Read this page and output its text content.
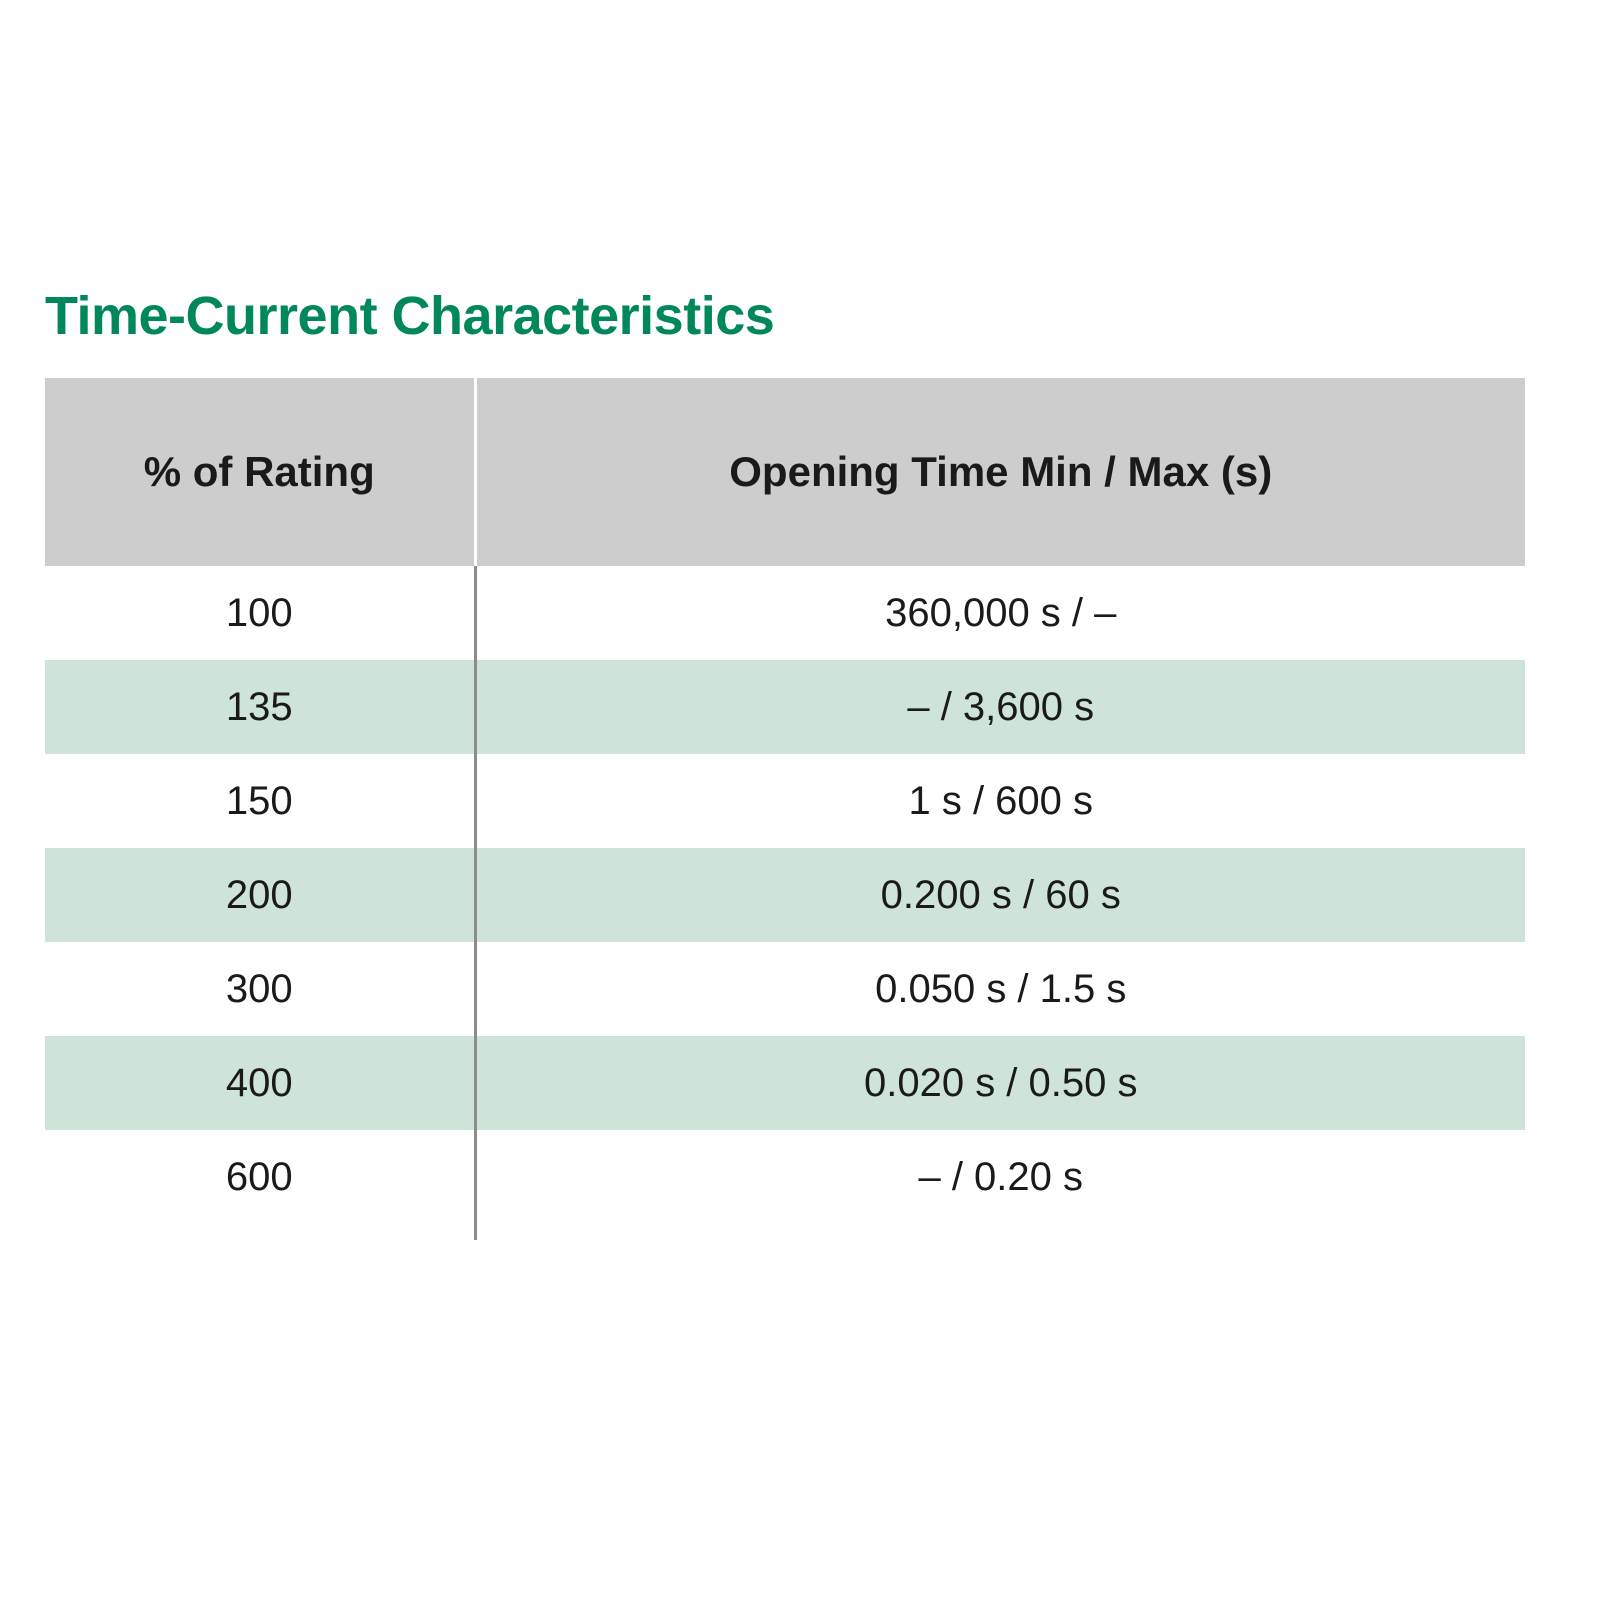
Time-Current Characteristics
% of Rating	Opening Time Min / Max (s)
100	360,000 s / –
135	– / 3,600 s
150	1 s / 600 s
200	0.200 s / 60 s
300	0.050 s / 1.5 s
400	0.020 s / 0.50 s
600	– / 0.20 s
